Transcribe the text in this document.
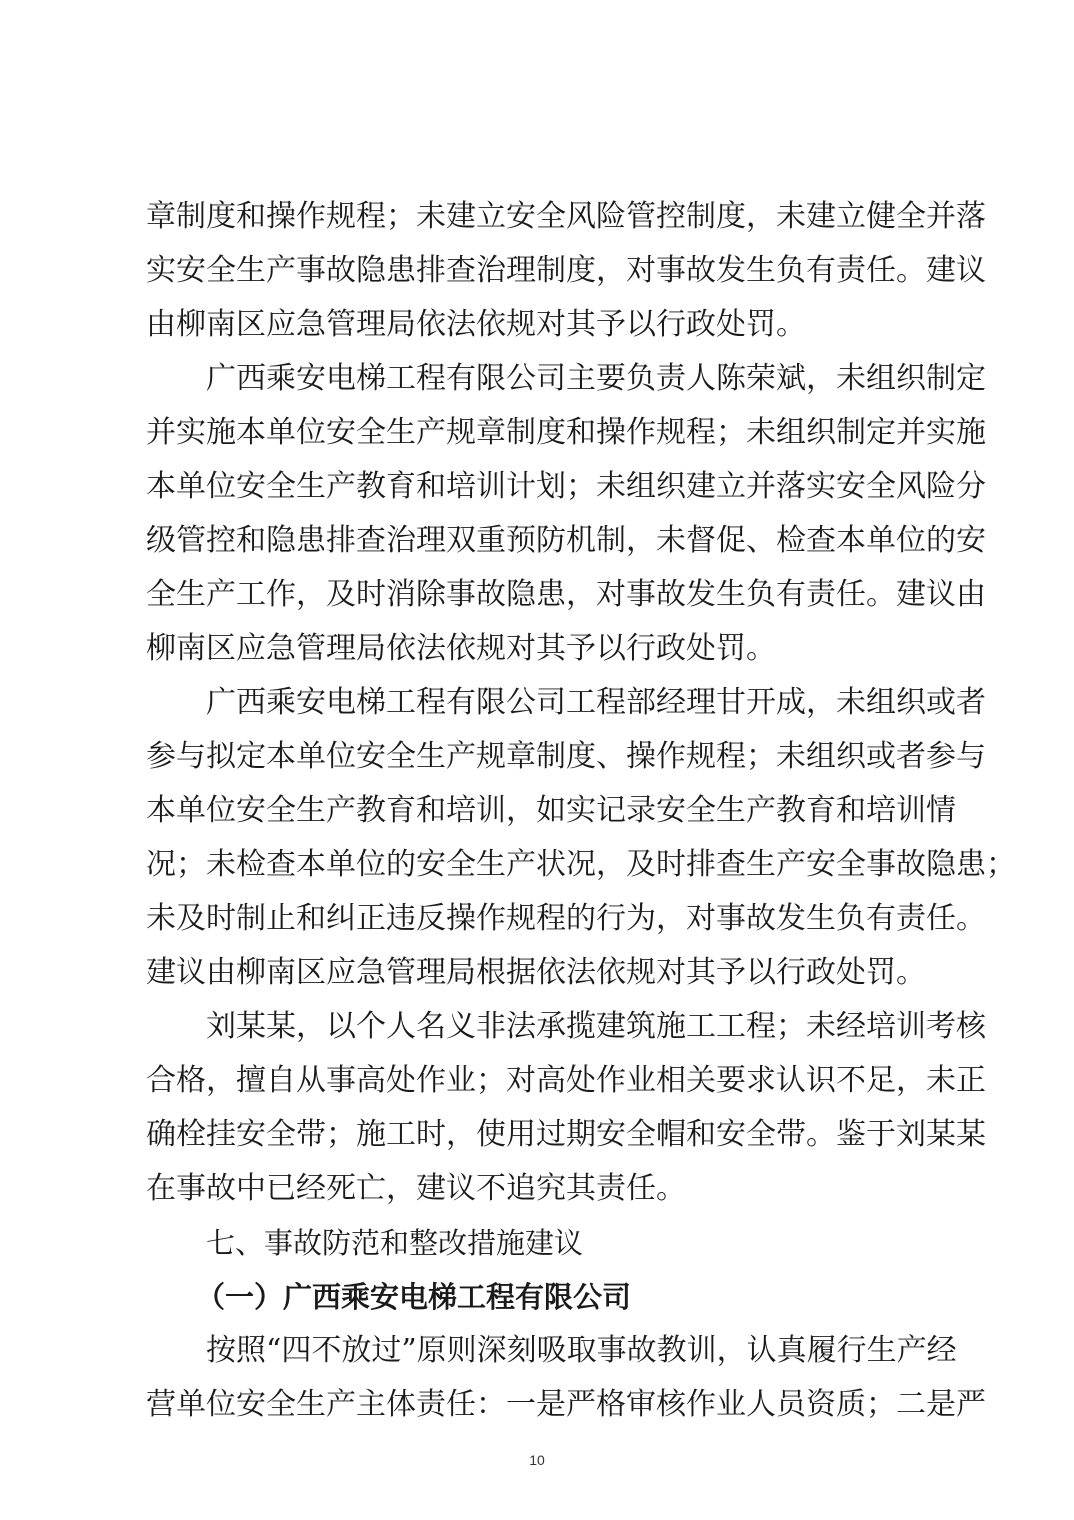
章制度和操作规程；未建立安全风险管控制度，未建立健全并落
实安全生产事故隐患排查治理制度，对事故发生负有责任。建议
由柳南区应急管理局依法依规对其予以行政处罚。
广西乘安电梯工程有限公司主要负责人陈荣斌，未组织制定
并实施本单位安全生产规章制度和操作规程；未组织制定并实施
本单位安全生产教育和培训计划；未组织建立并落实安全风险分
级管控和隐患排查治理双重预防机制，未督促、检查本单位的安
全生产工作，及时消除事故隐患，对事故发生负有责任。建议由
柳南区应急管理局依法依规对其予以行政处罚。
广西乘安电梯工程有限公司工程部经理甘开成，未组织或者
参与拟定本单位安全生产规章制度、操作规程；未组织或者参与
本单位安全生产教育和培训，如实记录安全生产教育和培训情
况；未检查本单位的安全生产状况，及时排查生产安全事故隐患；
未及时制止和纠正违反操作规程的行为，对事故发生负有责任。
建议由柳南区应急管理局根据依法依规对其予以行政处罚。
刘某某，以个人名义非法承揽建筑施工工程；未经培训考核
合格，擅自从事高处作业；对高处作业相关要求认识不足，未正
确栓挂安全带；施工时，使用过期安全帽和安全带。鉴于刘某某
在事故中已经死亡，建议不追究其责任。
七、事故防范和整改措施建议
（一）广西乘安电梯工程有限公司
按照“四不放过”原则深刻吸取事故教训，认真履行生产经
营单位安全生产主体责任：一是严格审核作业人员资质；二是严
10
